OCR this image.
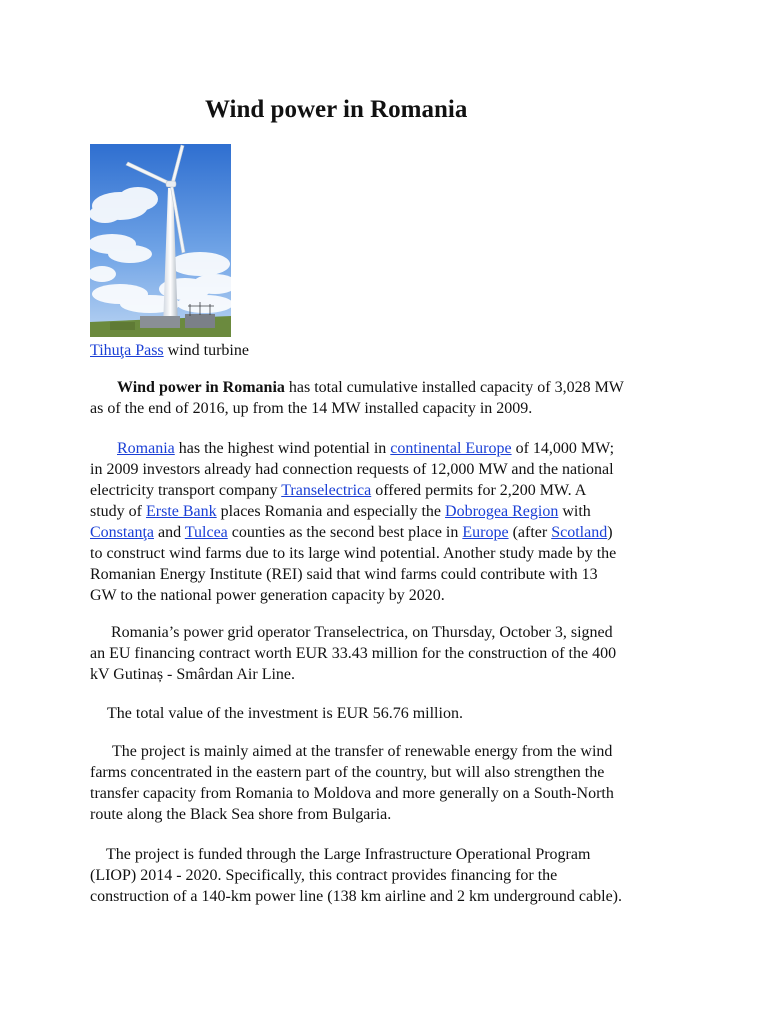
Wind power in Romania
Tihuţa Pass wind turbine

Wind power in Romania has total cumulative installed capacity of 3,028 MW
as of the end of 2016, up from the 14 MW installed capacity in 2009.

Romania has the highest wind potential in continental Europe of 14,000 MW;
in 2009 investors already had connection requests of 12,000 MW and the national
electricity transport company Transelectrica offered permits for 2,200 MW. A
study of Erste Bank places Romania and especially the Dobrogea Region with
Constanţa and Tulcea counties as the second best place in Europe (after Scotland)
to construct wind farms due to its large wind potential. Another study made by the
Romanian Energy Institute (REI) said that wind farms could contribute with 13
GW to the national power generation capacity by 2020.

Romania’s power grid operator Transelectrica, on Thursday, October 3, signed
an EU financing contract worth EUR 33.43 million for the construction of the 400
kV Gutinaș - Smârdan Air Line.

The total value of the investment is EUR 56.76 million.

The project is mainly aimed at the transfer of renewable energy from the wind
farms concentrated in the eastern part of the country, but will also strengthen the
transfer capacity from Romania to Moldova and more generally on a South-North
route along the Black Sea shore from Bulgaria.

The project is funded through the Large Infrastructure Operational Program
(LIOP) 2014 - 2020. Specifically, this contract provides financing for the
construction of a 140-km power line (138 km airline and 2 km underground cable).
